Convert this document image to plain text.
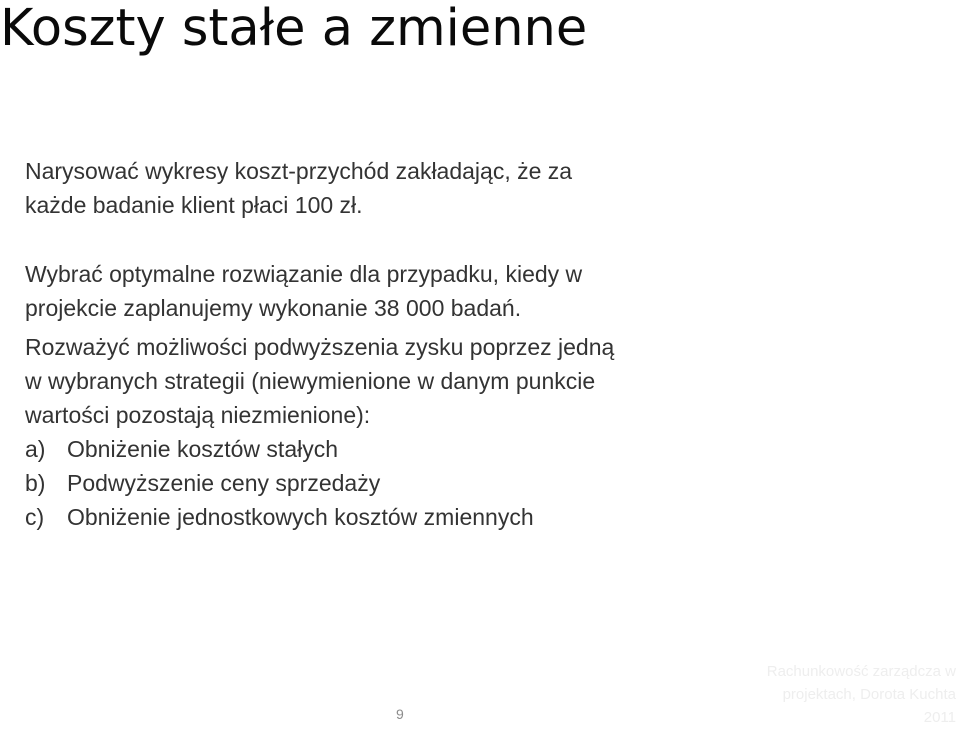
Koszty stałe a zmienne

Narysować wykresy koszt-przychód zakładając, że za

każde badanie klient płaci 100 zł.

Wybrać optymalne rozwiązanie dla przypadku, kiedy w

projekcie zaplanujemy wykonanie 38 000 badań.

Rozważyć możliwości podwyższenia zysku poprzez jedną

w wybranych strategii (niewymienione w danym punkcie

wartości pozostają niezmienione):

a) Obniżenie kosztów stałych

b) Podwyższenie ceny sprzedaży

c) Obniżenie jednostkowych kosztów zmiennych

9
Rachunkowość zarządcza w
projektach, Dorota Kuchta
2011
